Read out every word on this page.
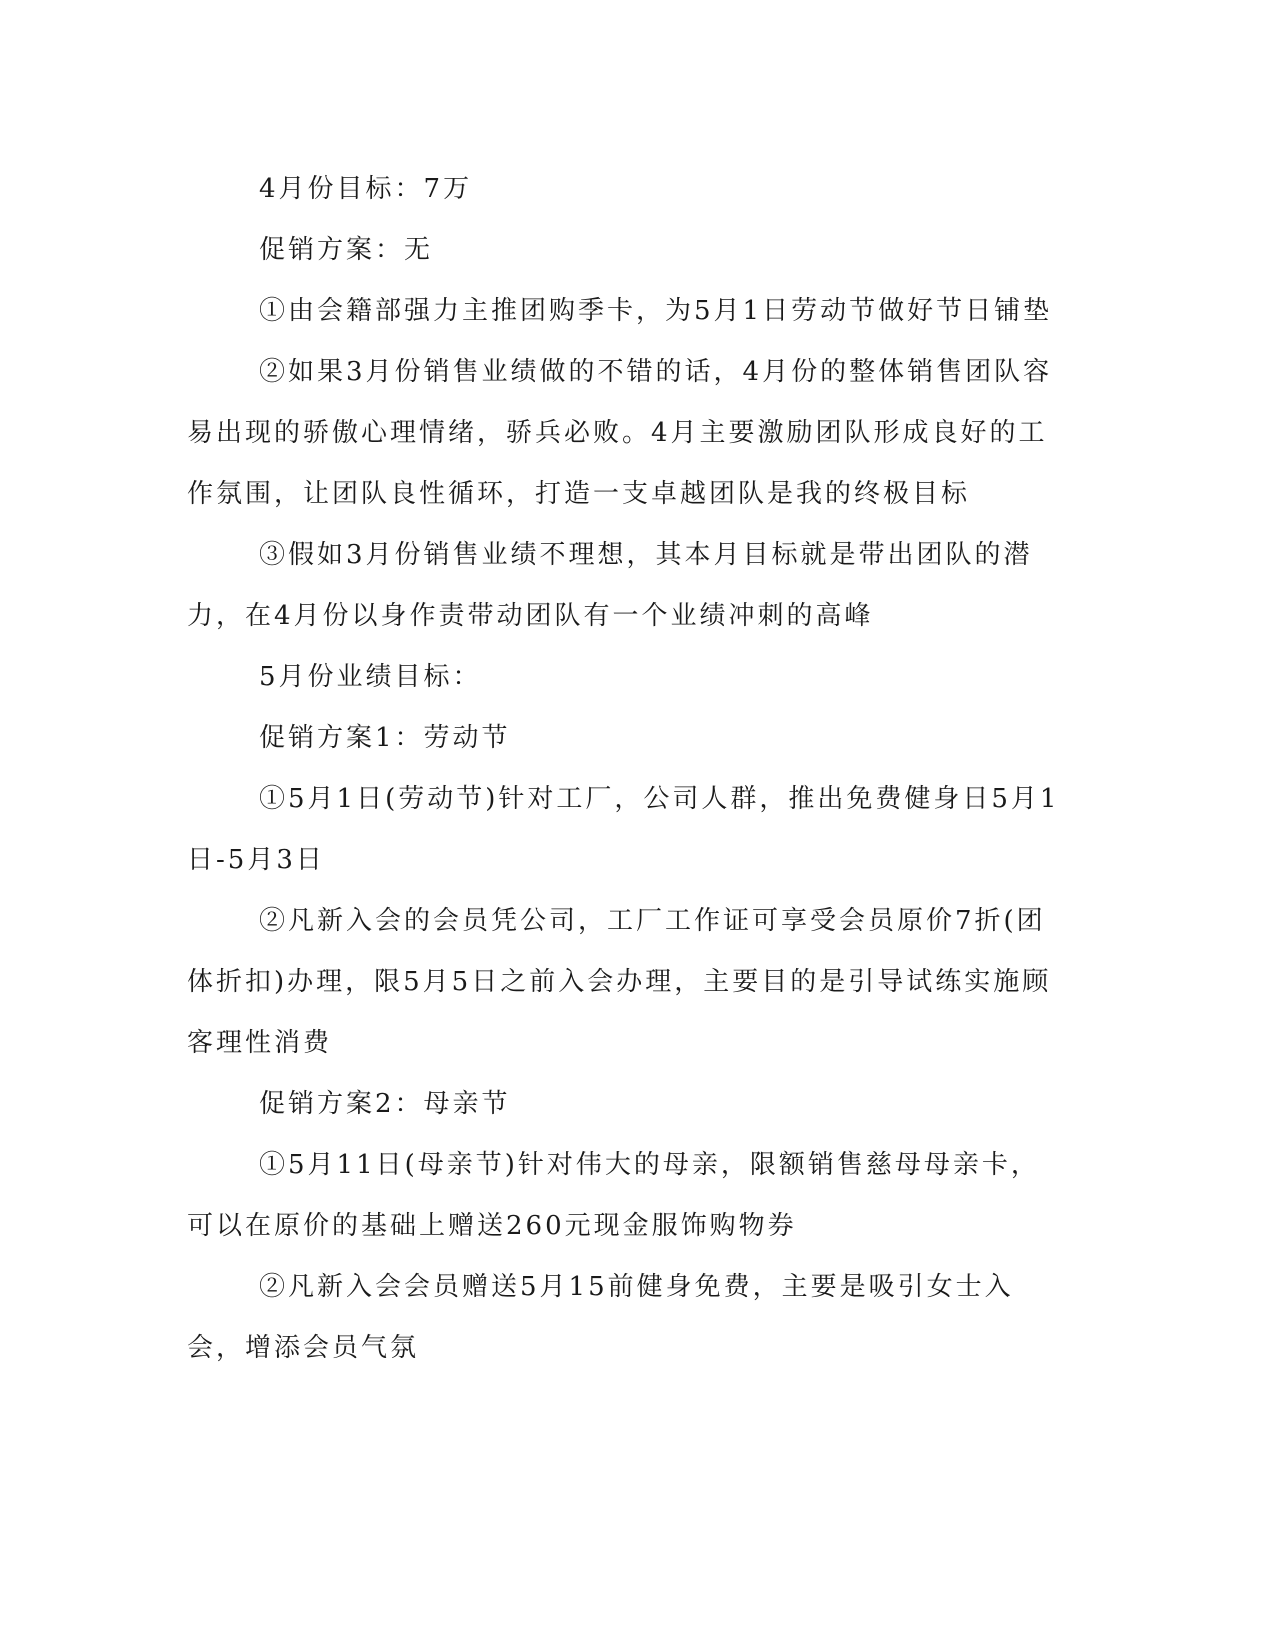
4月份目标：7万

促销方案：无

①由会籍部强力主推团购季卡，为5月1日劳动节做好节日铺垫

②如果3月份销售业绩做的不错的话，4月份的整体销售团队容易出现的骄傲心理情绪，骄兵必败。4月主要激励团队形成良好的工作氛围，让团队良性循环，打造一支卓越团队是我的终极目标

③假如3月份销售业绩不理想，其本月目标就是带出团队的潜力，在4月份以身作责带动团队有一个业绩冲刺的高峰

5月份业绩目标：

促销方案1：劳动节

①5月1日(劳动节)针对工厂，公司人群，推出免费健身日5月1日-5月3日

②凡新入会的会员凭公司，工厂工作证可享受会员原价7折(团体折扣)办理，限5月5日之前入会办理，主要目的是引导试练实施顾客理性消费

促销方案2：母亲节

①5月11日(母亲节)针对伟大的母亲，限额销售慈母母亲卡，可以在原价的基础上赠送260元现金服饰购物券

②凡新入会会员赠送5月15前健身免费，主要是吸引女士入会，增添会员气氛
